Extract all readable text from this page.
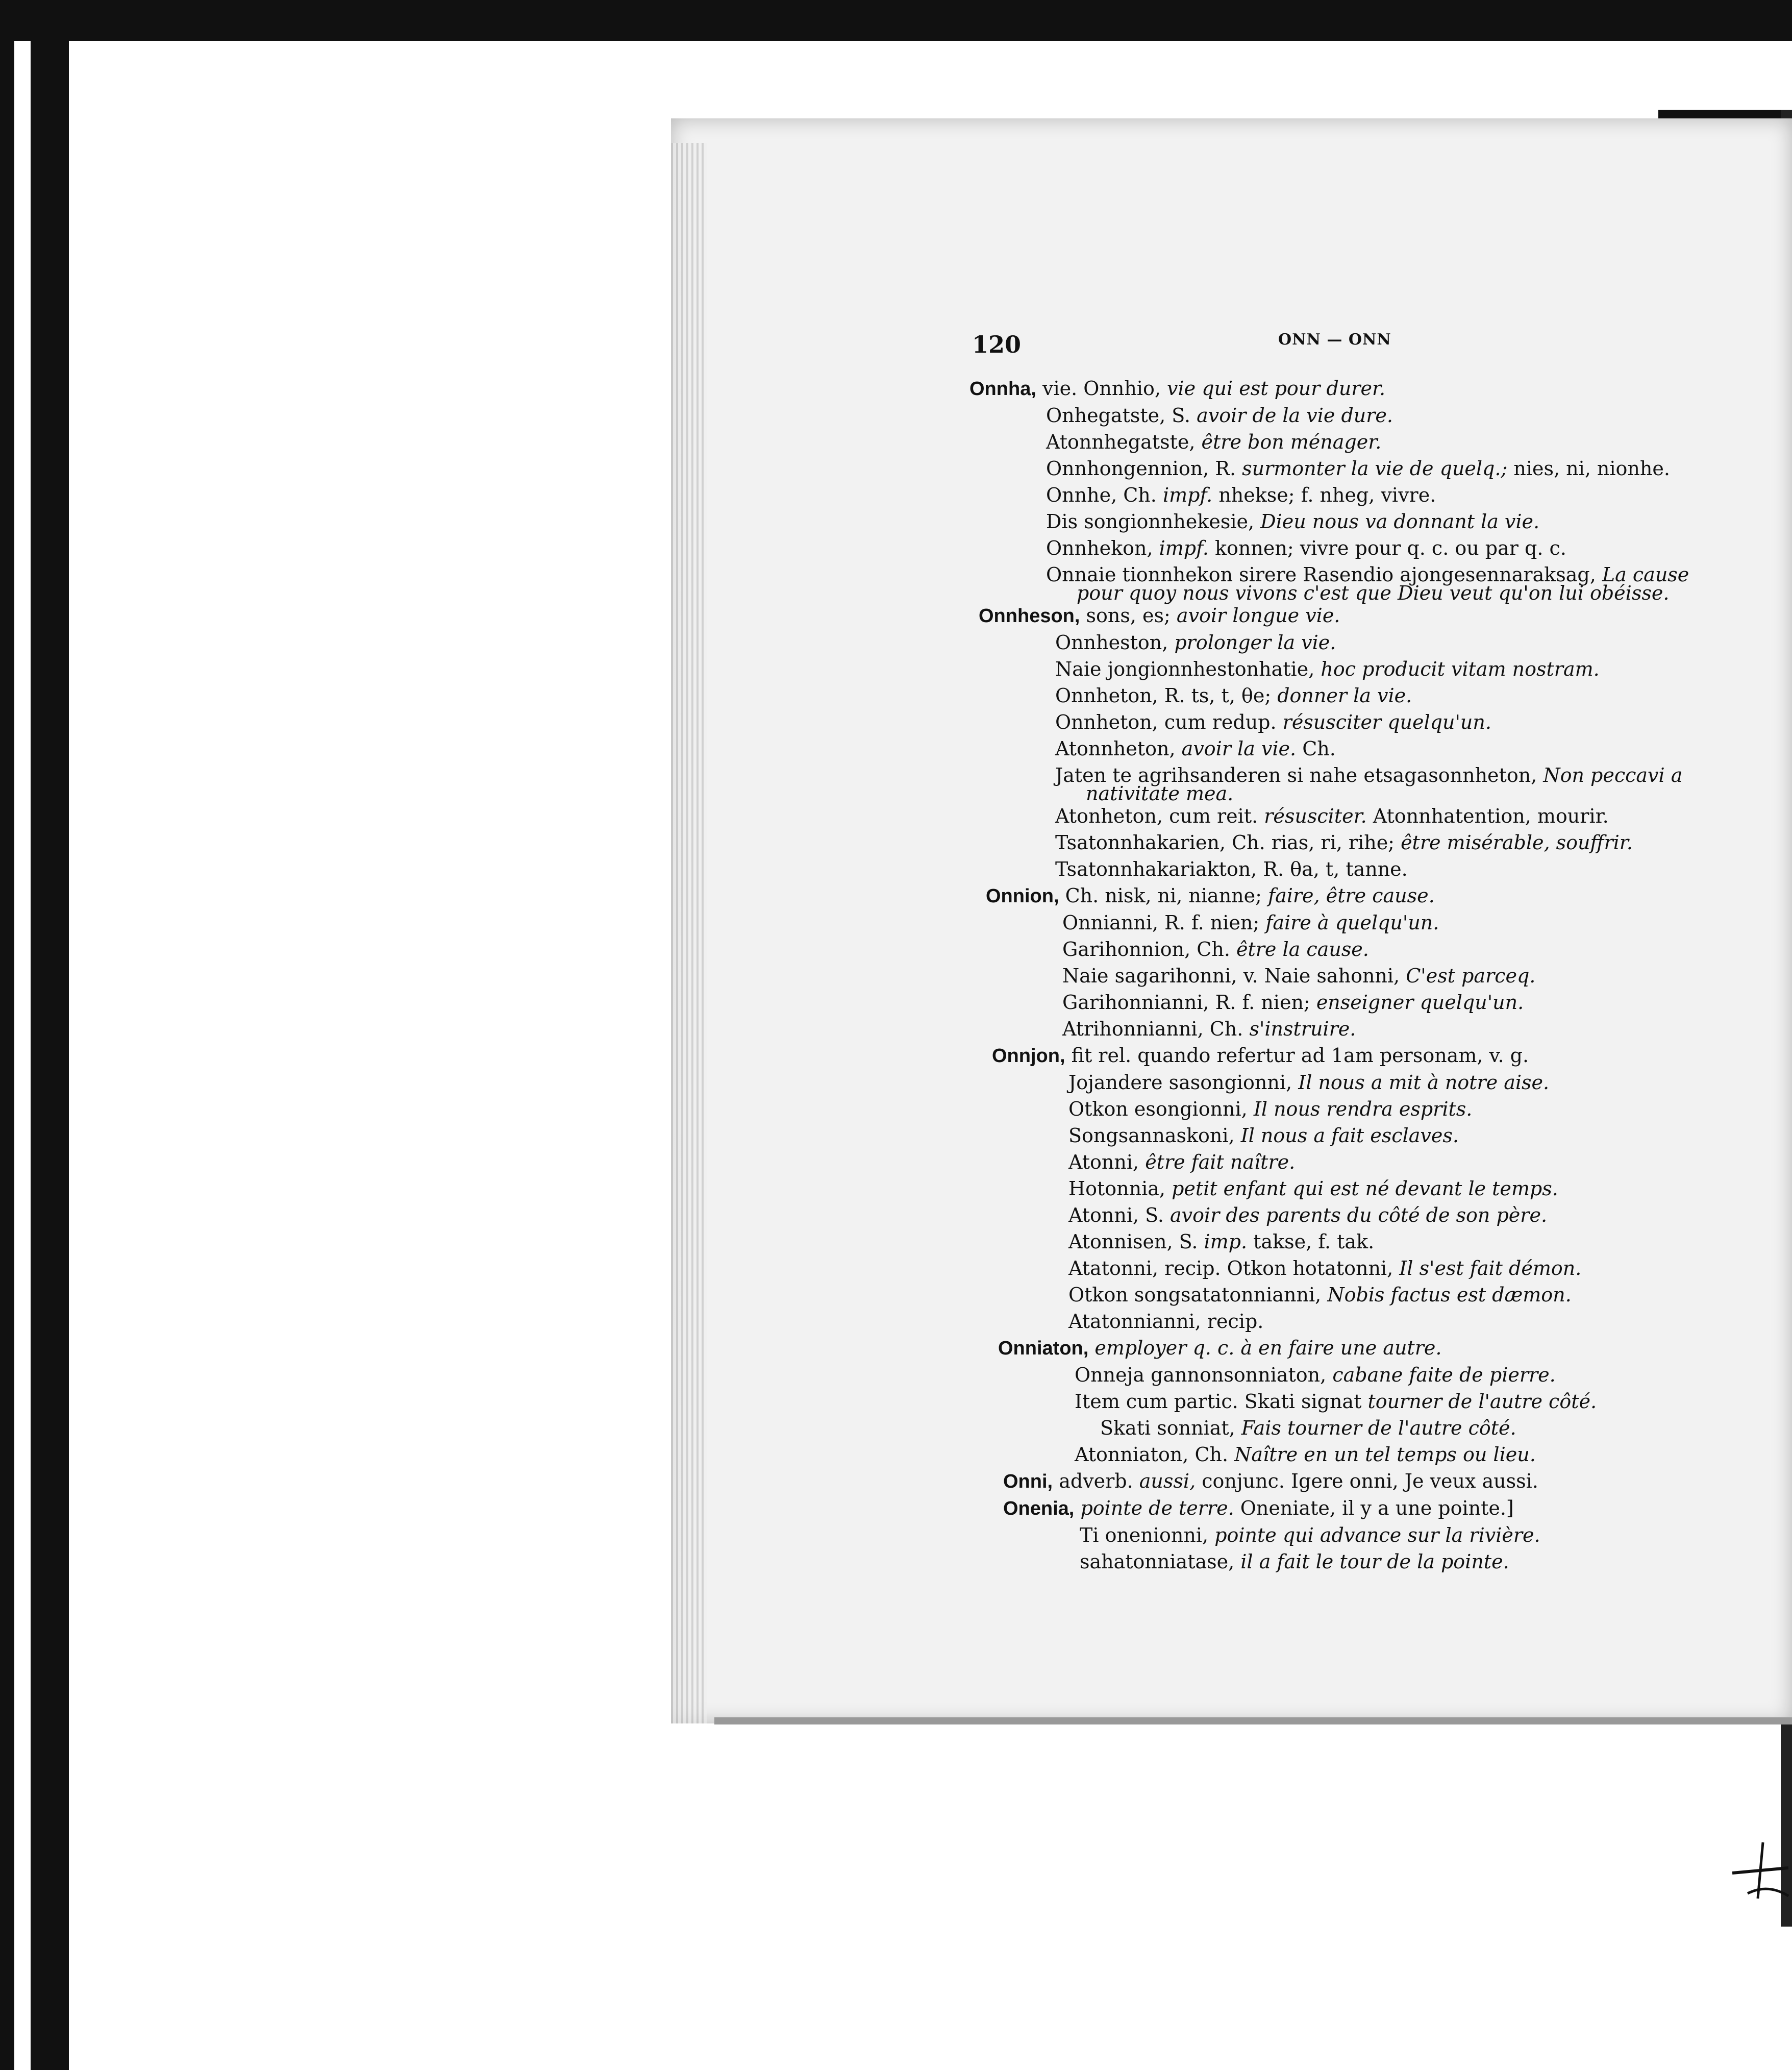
120	ONN — ONN
Onnha, vie. Onnhio, vie qui est pour durer.
Onhegatste, S. avoir de la vie dure.
Atonnhegatste, être bon ménager.
Onnhongennion, R. surmonter la vie de quelq.; nies, ni, nionhe.
Onnhe, Ch. impf. nhekse; f. nheg, vivre.
Dis songionnhekesie, Dieu nous va donnant la vie.
Onnhekon, impf. konnen; vivre pour q. c. ou par q. c.
Onnaie tionnhekon sirere Rasendio ajongesennaraksag, La cause
pour quoy nous vivons c'est que Dieu veut qu'on lui obéisse.
Onnheson, sons, es; avoir longue vie.
Onnheston, prolonger la vie.
Naie jongionnhestonhatie, hoc producit vitam nostram.
Onnheton, R. ts, t, θe; donner la vie.
Onnheton, cum redup. résusciter quelqu'un.
Atonnheton, avoir la vie. Ch.
Jaten te agrihsanderen si nahe etsagasonnheton, Non peccavi a
nativitate mea.
Atonheton, cum reit. résusciter. Atonnhatention, mourir.
Tsatonnhakarien, Ch. rias, ri, rihe; être misérable, souffrir.
Tsatonnhakariakton, R. θa, t, tanne.
Onnion, Ch. nisk, ni, nianne; faire, être cause.
Onnianni, R. f. nien; faire à quelqu'un.
Garihonnion, Ch. être la cause.
Naie sagarihonni, v. Naie sahonni, C'est parceq.
Garihonnianni, R. f. nien; enseigner quelqu'un.
Atrihonnianni, Ch. s'instruire.
Onnjon, fit rel. quando refertur ad 1am personam, v. g.
Jojandere sasongionni, Il nous a mit à notre aise.
Otkon esongionni, Il nous rendra esprits.
Songsannaskoni, Il nous a fait esclaves.
Atonni, être fait naître.
Hotonnia, petit enfant qui est né devant le temps.
Atonni, S. avoir des parents du côté de son père.
Atonnisen, S. imp. takse, f. tak.
Atatonni, recip. Otkon hotatonni, Il s'est fait démon.
Otkon songsatatonnianni, Nobis factus est dæmon.
Atatonnianni, recip.
Onniaton, employer q. c. à en faire une autre.
Onneja gannonsonniaton, cabane faite de pierre.
Item cum partic. Skati signat tourner de l'autre côté.
Skati sonniat, Fais tourner de l'autre côté.
Atonniaton, Ch. Naître en un tel temps ou lieu.
Onni, adverb. aussi, conjunc. Igere onni, Je veux aussi.
Onenia, pointe de terre. Oneniate, il y a une pointe.]
Ti onenionni, pointe qui advance sur la rivière.
sahatonniatase, il a fait le tour de la pointe.
